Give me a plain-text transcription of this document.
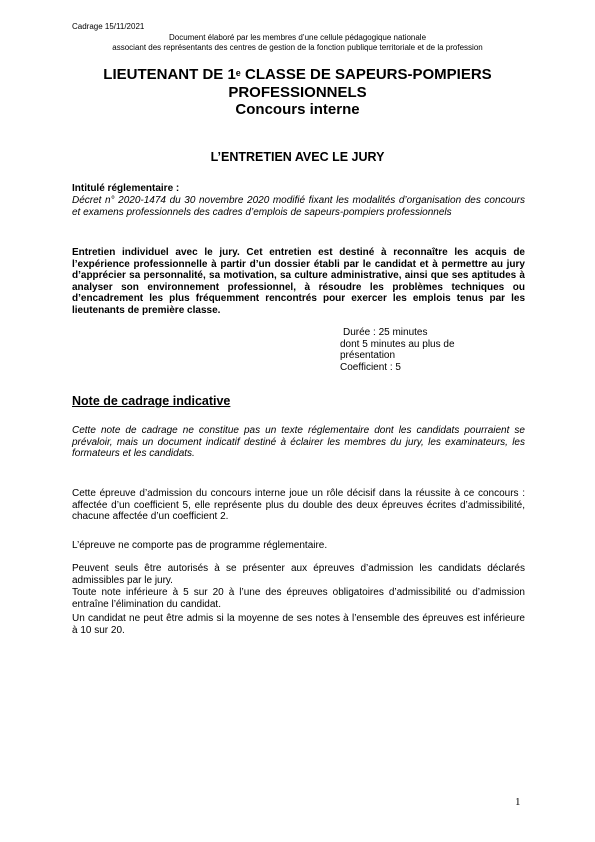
Cadrage 15/11/2021

Document élaboré par les membres d’une cellule pédagogique nationale
associant des représentants des centres de gestion de la fonction publique territoriale et de la profession
LIEUTENANT DE 1e CLASSE DE SAPEURS-POMPIERS
PROFESSIONNELS
Concours interne
L’ENTRETIEN AVEC LE JURY

Intitulé réglementaire :

Décret n° 2020-1474 du 30 novembre 2020 modifié fixant les modalités d’organisation des concours et examens professionnels des cadres d’emplois de sapeurs-pompiers professionnels

Entretien individuel avec le jury. Cet entretien est destiné à reconnaître les acquis de l’expérience professionnelle à partir d’un dossier établi par le candidat et à permettre au jury d’apprécier sa personnalité, sa motivation, sa culture administrative, ainsi que ses aptitudes à analyser son environnement professionnel, à résoudre les problèmes techniques ou d’encadrement les plus fréquemment rencontrés pour exercer les emplois tenus par les lieutenants de première classe.

Durée : 25 minutes
dont 5 minutes au plus de
présentation
Coefficient : 5
Note de cadrage indicative

Cette note de cadrage ne constitue pas un texte réglementaire dont les candidats pourraient se prévaloir, mais un document indicatif destiné à éclairer les membres du jury, les examinateurs, les formateurs et les candidats.

Cette épreuve d’admission du concours interne joue un rôle décisif dans la réussite à ce concours : affectée d’un coefficient 5, elle représente plus du double des deux épreuves écrites d’admissibilité, chacune affectée d’un coefficient 2.

L’épreuve ne comporte pas de programme réglementaire.

Peuvent seuls être autorisés à se présenter aux épreuves d’admission les candidats déclarés admissibles par le jury.

Toute note inférieure à 5 sur 20 à l’une des épreuves obligatoires d’admissibilité ou d’admission entraîne l’élimination du candidat.

Un candidat ne peut être admis si la moyenne de ses notes à l’ensemble des épreuves est inférieure à 10 sur 20.

1
